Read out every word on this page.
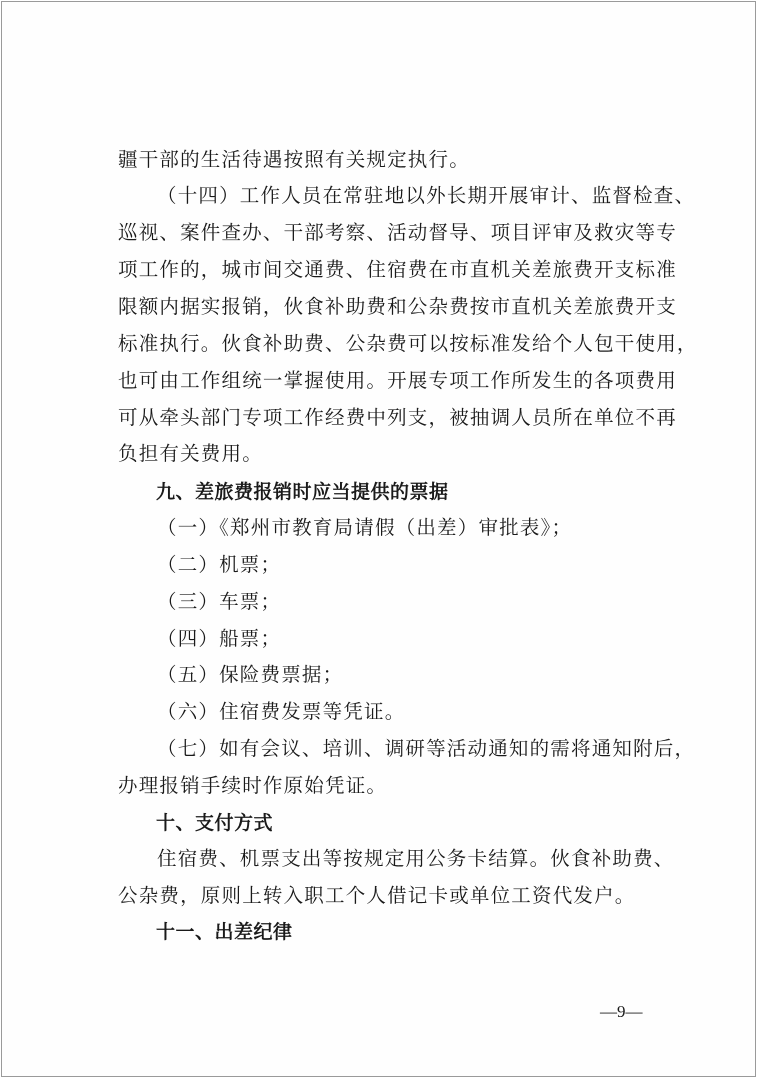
疆干部的生活待遇按照有关规定执行。
（十四）工作人员在常驻地以外长期开展审计、监督检查、
巡视、案件查办、干部考察、活动督导、项目评审及救灾等专
项工作的，城市间交通费、住宿费在市直机关差旅费开支标准
限额内据实报销，伙食补助费和公杂费按市直机关差旅费开支
标准执行。伙食补助费、公杂费可以按标准发给个人包干使用，
也可由工作组统一掌握使用。开展专项工作所发生的各项费用
可从牵头部门专项工作经费中列支，被抽调人员所在单位不再
负担有关费用。
九、差旅费报销时应当提供的票据
（一）《郑州市教育局请假（出差）审批表》；
（二）机票；
（三）车票；
（四）船票；
（五）保险费票据；
（六）住宿费发票等凭证。
（七）如有会议、培训、调研等活动通知的需将通知附后，
办理报销手续时作原始凭证。
十、支付方式
住宿费、机票支出等按规定用公务卡结算。伙食补助费、
公杂费，原则上转入职工个人借记卡或单位工资代发户。
十一、出差纪律
—9—
